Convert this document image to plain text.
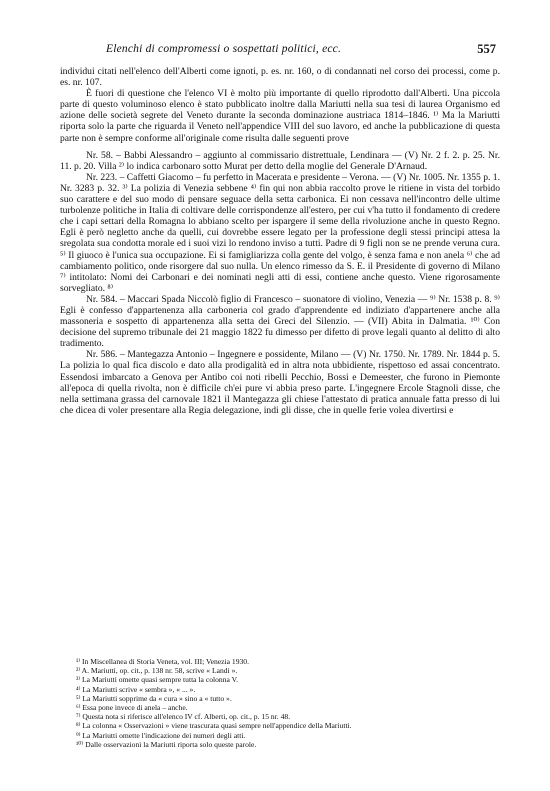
Elenchi di compromessi o sospettati politici, ecc.	557

individui citati nell'elenco dell'Alberti come ignoti, p. es. nr. 160, o di condannati nel corso dei processi, come p. es. nr. 107.

È fuori di questione che l'elenco VI è molto più importante di quello riprodotto dall'Alberti. Una piccola parte di questo voluminoso elenco è stato pubblicato inoltre dalla Mariutti nella sua tesi di laurea Organismo ed azione delle società segrete del Veneto durante la seconda dominazione austriaca 1814–1846. ¹⁾ Ma la Mariutti riporta solo la parte che riguarda il Veneto nell'appendice VIII del suo lavoro, ed anche la pubblicazione di questa parte non è sempre conforme all'originale come risulta dalle seguenti prove

Nr. 58. – Babbi Alessandro – aggiunto al commissario distrettuale, Lendinara — (V) Nr. 2 f. 2. p. 25. Nr. 11. p. 20. Villa ²⁾ lo indica carbonaro sotto Murat per detto della moglie del Generale D'Arnaud.

Nr. 223. – Caffetti Giacomo – fu perfetto in Macerata e presidente – Verona. — (V) Nr. 1005. Nr. 1355 p. 1. Nr. 3283 p. 32. ³⁾ La polizia di Venezia sebbene ⁴⁾ fin qui non abbia raccolto prove le ritiene in vista del torbido suo carattere e del suo modo di pensare seguace della setta carbonica. Ei non cessava nell'incontro delle ultime turbolenze politiche in Italia di coltivare delle corrispondenze all'estero, per cui v'ha tutto il fondamento di credere che i capi settari della Romagna lo abbiano scelto per ispargere il seme della rivoluzione anche in questo Regno. Egli è però negletto anche da quelli, cui dovrebbe essere legato per la professione degli stessi principi attesa la sregolata sua condotta morale ed i suoi vizi lo rendono inviso a tutti. Padre di 9 figli non se ne prende veruna cura. ⁵⁾ Il giuoco è l'unica sua occupazione. Ei si famigliarizza colla gente del volgo, è senza fama e non anela ⁶⁾ che ad cambiamento politico, onde risorgere dal suo nulla. Un elenco rimesso da S. E. il Presidente di governo di Milano ⁷⁾ intitolato: Nomi dei Carbonari e dei nominati negli atti di essi, contiene anche questo. Viene rigorosamente sorvegliato. ⁸⁾

Nr. 584. – Maccari Spada Niccolò figlio di Francesco – suonatore di violino, Venezia — ⁹⁾ Nr. 1538 p. 8. ⁹⁾ Egli è confesso d'appartenenza alla carboneria col grado d'apprendente ed indiziato d'appartenere anche alla massoneria e sospetto di appartenenza alla setta dei Greci del Silenzio. — (VII) Abita in Dalmatia. ¹⁰⁾ Con decisione del supremo tribunale dei 21 maggio 1822 fu dimesso per difetto di prove legali quanto al delitto di alto tradimento.

Nr. 586. – Mantegazza Antonio – Ingegnere e possidente, Milano — (V) Nr. 1750. Nr. 1789. Nr. 1844 p. 5. La polizia lo qual fica discolo e dato alla prodigalità ed in altra nota ubbidiente, rispettoso ed assai concentrato. Essendosi imbarcato a Genova per Antibo coi noti ribelli Pecchio, Bossi e Demeester, che furono in Piemonte all'epoca di quella rivolta, non è difficile ch'ei pure vi abbia preso parte. L'ingegnere Ercole Stagnoli disse, che nella settimana grassa del carnovale 1821 il Mantegazza gli chiese l'attestato di pratica annuale fatta presso di lui che dicea di voler presentare alla Regia delegazione, indi gli disse, che in quelle ferie volea divertirsi e

¹⁾ In Miscellanea di Storia Veneta, vol. III; Venezia 1930.

²⁾ A. Mariutti, op. cit., p. 138 nr. 58, scrive « Landi ».

³⁾ La Mariutti omette quasi sempre tutta la colonna V.

⁴⁾ La Mariutti scrive « sembra », « ... ».

⁵⁾ La Mariutti sopprime da « cura » sino a « tutto ».

⁶⁾ Essa pone invece di anela – anche.

⁷⁾ Questa nota si riferisce all'elenco IV cf. Alberti, op. cit., p. 15 nr. 48.

⁸⁾ La colonna « Osservazioni » viene trascurata quasi sempre nell'appendice della Mariutti.

⁹⁾ La Mariutti omette l'indicazione dei numeri degli atti.

¹⁰⁾ Dalle osservazioni la Mariutti riporta solo queste parole.
